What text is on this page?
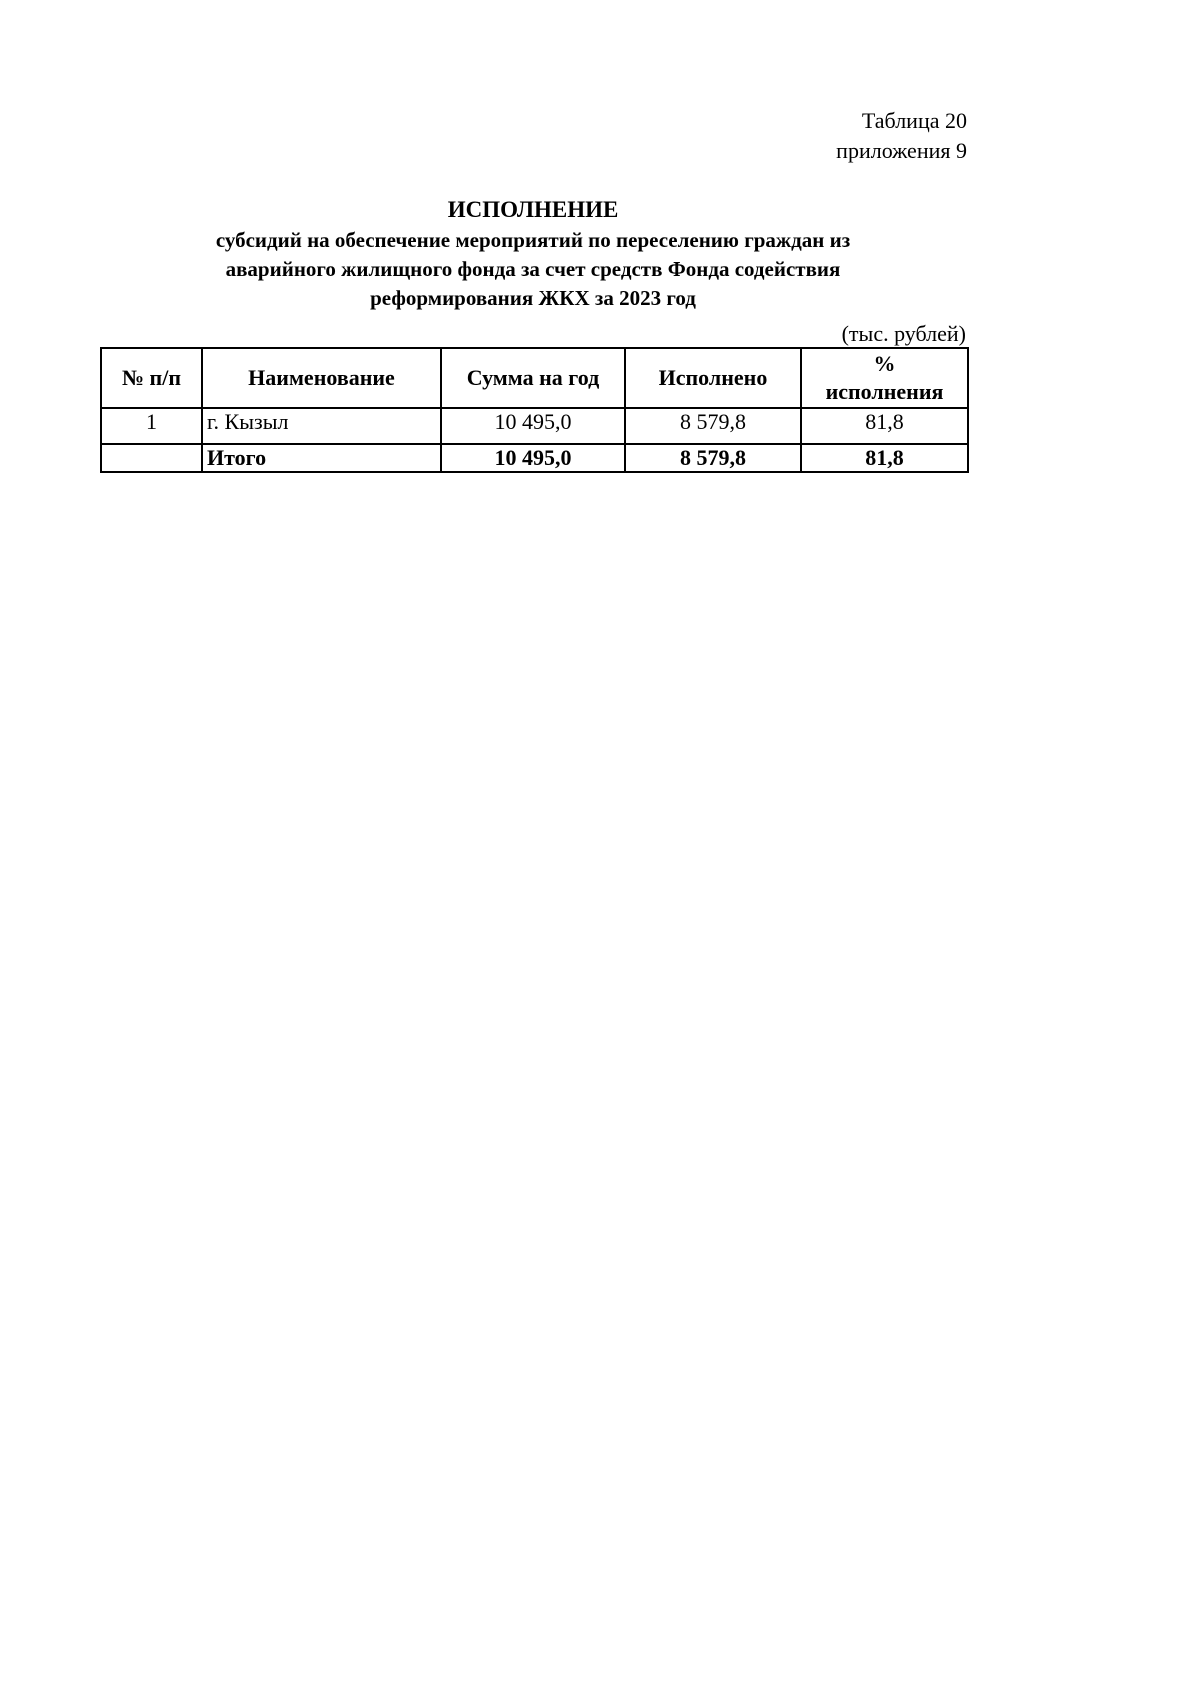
Таблица 20
приложения 9
ИСПОЛНЕНИЕ
субсидий на обеспечение мероприятий по переселению граждан из
аварийного жилищного фонда за счет средств Фонда содействия
реформирования ЖКХ за 2023 год
(тыс. рублей)
№ п/п	Наименование	Сумма на год	Исполнено	%
исполнения

1	г. Кызыл	10 495,0	8 579,8	81,8
	Итого	10 495,0	8 579,8	81,8
